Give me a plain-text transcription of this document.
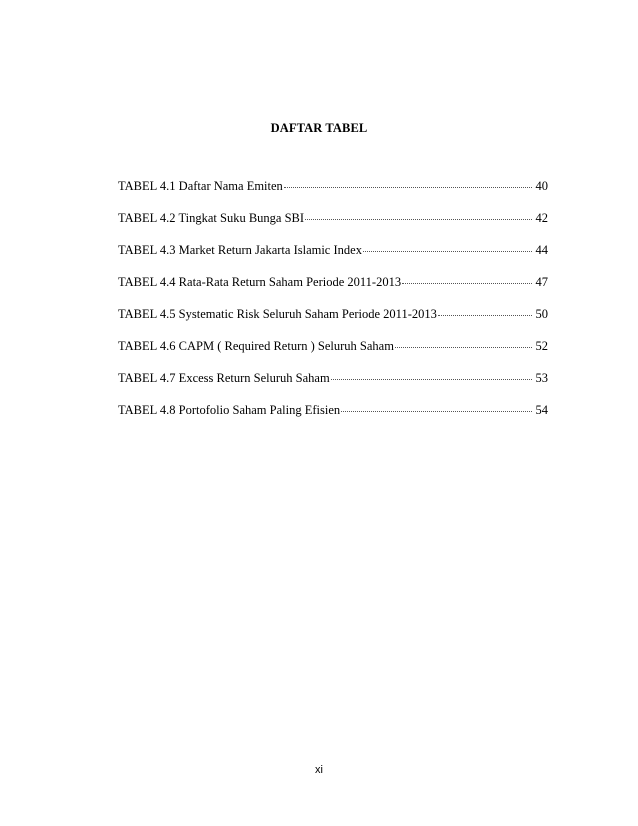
DAFTAR TABEL
TABEL 4.1 Daftar Nama Emiten	40
TABEL 4.2 Tingkat Suku Bunga SBI	42
TABEL 4.3 Market Return Jakarta Islamic Index	44
TABEL 4.4 Rata-Rata Return Saham Periode 2011-2013	47
TABEL 4.5 Systematic Risk Seluruh Saham Periode 2011-2013	50
TABEL 4.6 CAPM ( Required Return ) Seluruh Saham	52
TABEL 4.7 Excess Return Seluruh Saham	53
TABEL 4.8 Portofolio Saham Paling Efisien	54
xi
